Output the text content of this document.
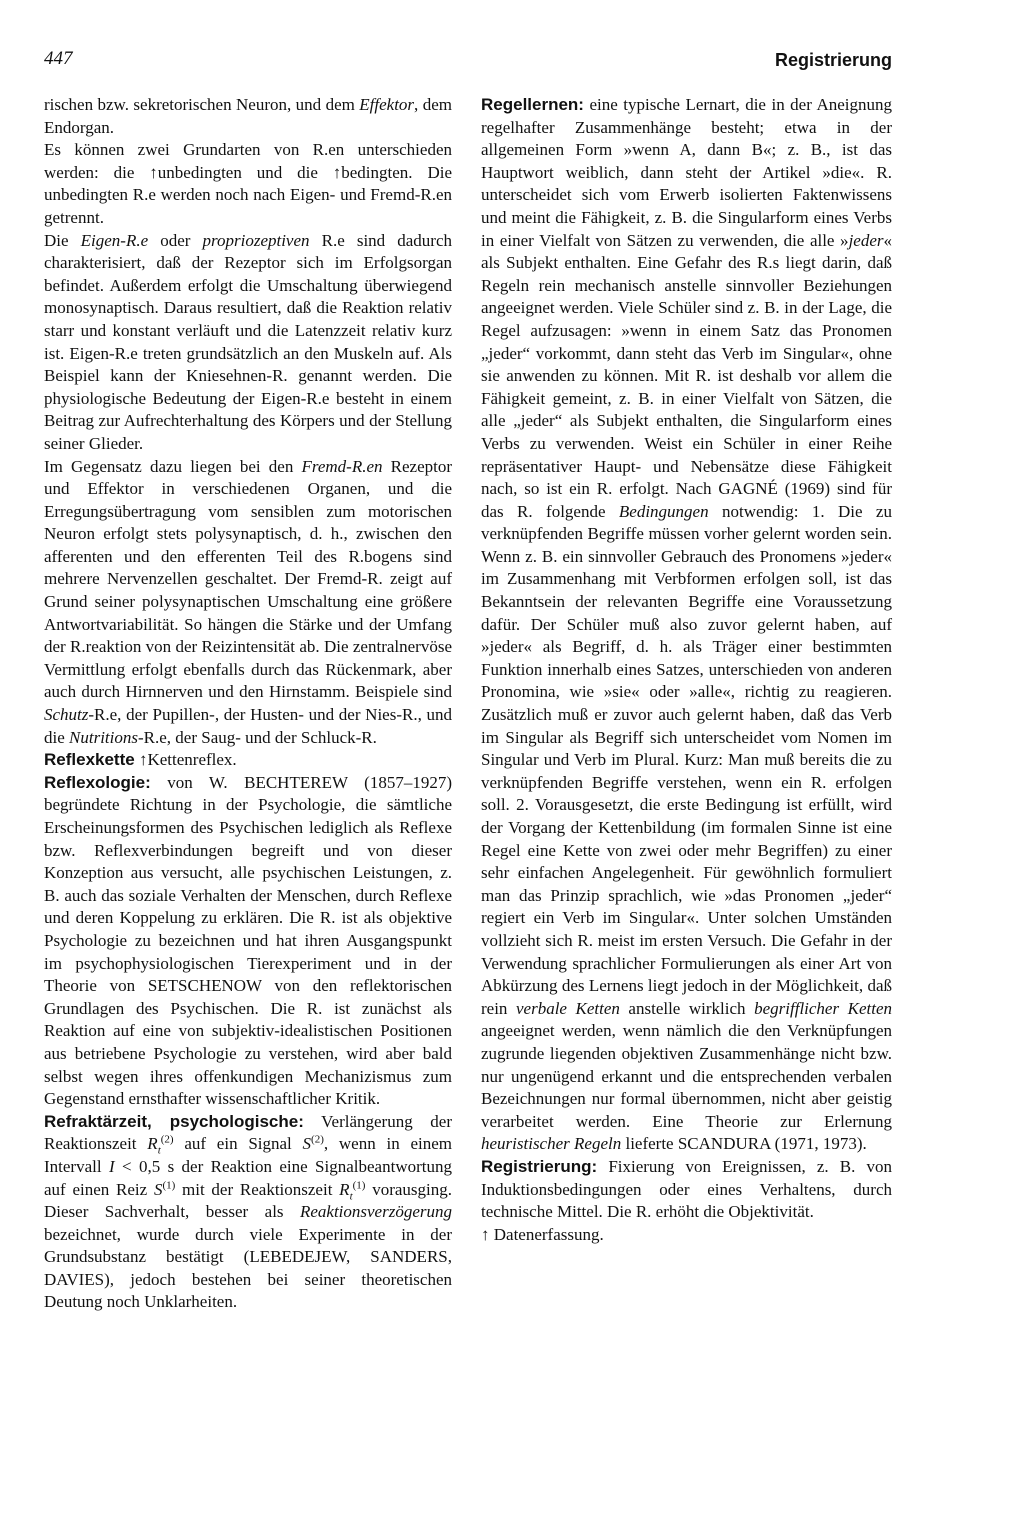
447	Registrierung

rischen bzw. sekretorischen Neuron, und dem Effektor, dem Endorgan.

Es können zwei Grundarten von R.en unterschieden werden: die ↑unbedingten und die ↑bedingten. Die unbedingten R.e werden noch nach Eigen- und Fremd-R.en getrennt.

Die Eigen-R.e oder propriozeptiven R.e sind dadurch charakterisiert, daß der Rezeptor sich im Erfolgsorgan befindet. Außerdem erfolgt die Umschaltung überwiegend monosynaptisch. Daraus resultiert, daß die Reaktion relativ starr und konstant verläuft und die Latenzzeit relativ kurz ist. Eigen-R.e treten grundsätzlich an den Muskeln auf. Als Beispiel kann der Kniesehnen-R. genannt werden. Die physiologische Bedeutung der Eigen-R.e besteht in einem Beitrag zur Aufrechterhaltung des Körpers und der Stellung seiner Glieder.

Im Gegensatz dazu liegen bei den Fremd-R.en Rezeptor und Effektor in verschiedenen Organen, und die Erregungsübertragung vom sensiblen zum motorischen Neuron erfolgt stets polysynaptisch, d. h., zwischen den afferenten und den efferenten Teil des R.bogens sind mehrere Nervenzellen geschaltet. Der Fremd-R. zeigt auf Grund seiner polysynaptischen Umschaltung eine größere Antwortvariabilität. So hängen die Stärke und der Umfang der R.reaktion von der Reizintensität ab. Die zentralnervöse Vermittlung erfolgt ebenfalls durch das Rückenmark, aber auch durch Hirnnerven und den Hirnstamm. Beispiele sind Schutz-R.e, der Pupillen-, der Husten- und der Nies-R., und die Nutritions-R.e, der Saug- und der Schluck-R.

Reflexkette ↑Kettenreflex.

Reflexologie: von W. BECHTEREW (1857–1927) begründete Richtung in der Psychologie, die sämtliche Erscheinungsformen des Psychischen lediglich als Reflexe bzw. Reflexverbindungen begreift und von dieser Konzeption aus versucht, alle psychischen Leistungen, z. B. auch das soziale Verhalten der Menschen, durch Reflexe und deren Koppelung zu erklären. Die R. ist als objektive Psychologie zu bezeichnen und hat ihren Ausgangspunkt im psychophysiologischen Tierexperiment und in der Theorie von SETSCHENOW von den reflektorischen Grundlagen des Psychischen. Die R. ist zunächst als Reaktion auf eine von subjektiv-idealistischen Positionen aus betriebene Psychologie zu verstehen, wird aber bald selbst wegen ihres offenkundigen Mechanizismus zum Gegenstand ernsthafter wissenschaftlicher Kritik.

Refraktärzeit, psychologische: Verlängerung der Reaktionszeit $R_t^{(2)}$ auf ein Signal $S^{(2)}$, wenn in einem Intervall I < 0,5 s der Reaktion eine Signalbeantwortung auf einen Reiz $S^{(1)}$ mit der Reaktionszeit $R_t^{(1)}$ vorausging. Dieser Sachverhalt, besser als Reaktionsverzögerung bezeichnet, wurde durch viele Experimente in der Grundsubstanz bestätigt (LEBEDEJEW, SANDERS, DAVIES), jedoch bestehen bei seiner theoretischen Deutung noch Unklarheiten.

Regellernen: eine typische Lernart, die in der Aneignung regelhafter Zusammenhänge besteht; etwa in der allgemeinen Form »wenn A, dann B«; z. B., ist das Hauptwort weiblich, dann steht der Artikel »die«. R. unterscheidet sich vom Erwerb isolierten Faktenwissens und meint die Fähigkeit, z. B. die Singularform eines Verbs in einer Vielfalt von Sätzen zu verwenden, die alle »jeder« als Subjekt enthalten. Eine Gefahr des R.s liegt darin, daß Regeln rein mechanisch anstelle sinnvoller Beziehungen angeeignet werden. Viele Schüler sind z. B. in der Lage, die Regel aufzusagen: »wenn in einem Satz das Pronomen „jeder“ vorkommt, dann steht das Verb im Singular«, ohne sie anwenden zu können. Mit R. ist deshalb vor allem die Fähigkeit gemeint, z. B. in einer Vielfalt von Sätzen, die alle „jeder“ als Subjekt enthalten, die Singularform eines Verbs zu verwenden. Weist ein Schüler in einer Reihe repräsentativer Haupt- und Nebensätze diese Fähigkeit nach, so ist ein R. erfolgt. Nach GAGNÉ (1969) sind für das R. folgende Bedingungen notwendig: 1. Die zu verknüpfenden Begriffe müssen vorher gelernt worden sein. Wenn z. B. ein sinnvoller Gebrauch des Pronomens »jeder« im Zusammenhang mit Verbformen erfolgen soll, ist das Bekanntsein der relevanten Begriffe eine Voraussetzung dafür. Der Schüler muß also zuvor gelernt haben, auf »jeder« als Begriff, d. h. als Träger einer bestimmten Funktion innerhalb eines Satzes, unterschieden von anderen Pronomina, wie »sie« oder »alle«, richtig zu reagieren. Zusätzlich muß er zuvor auch gelernt haben, daß das Verb im Singular als Begriff sich unterscheidet vom Nomen im Singular und Verb im Plural. Kurz: Man muß bereits die zu verknüpfenden Begriffe verstehen, wenn ein R. erfolgen soll. 2. Vorausgesetzt, die erste Bedingung ist erfüllt, wird der Vorgang der Kettenbildung (im formalen Sinne ist eine Regel eine Kette von zwei oder mehr Begriffen) zu einer sehr einfachen Angelegenheit. Für gewöhnlich formuliert man das Prinzip sprachlich, wie »das Pronomen „jeder“ regiert ein Verb im Singular«. Unter solchen Umständen vollzieht sich R. meist im ersten Versuch. Die Gefahr in der Verwendung sprachlicher Formulierungen als einer Art von Abkürzung des Lernens liegt jedoch in der Möglichkeit, daß rein verbale Ketten anstelle wirklich begrifflicher Ketten angeeignet werden, wenn nämlich die den Verknüpfungen zugrunde liegenden objektiven Zusammenhänge nicht bzw. nur ungenügend erkannt und die entsprechenden verbalen Bezeichnungen nur formal übernommen, nicht aber geistig verarbeitet werden. Eine Theorie zur Erlernung heuristischer Regeln lieferte SCANDURA (1971, 1973).

Registrierung: Fixierung von Ereignissen, z. B. von Induktionsbedingungen oder eines Verhaltens, durch technische Mittel. Die R. erhöht die Objektivität.

↑ Datenerfassung.
